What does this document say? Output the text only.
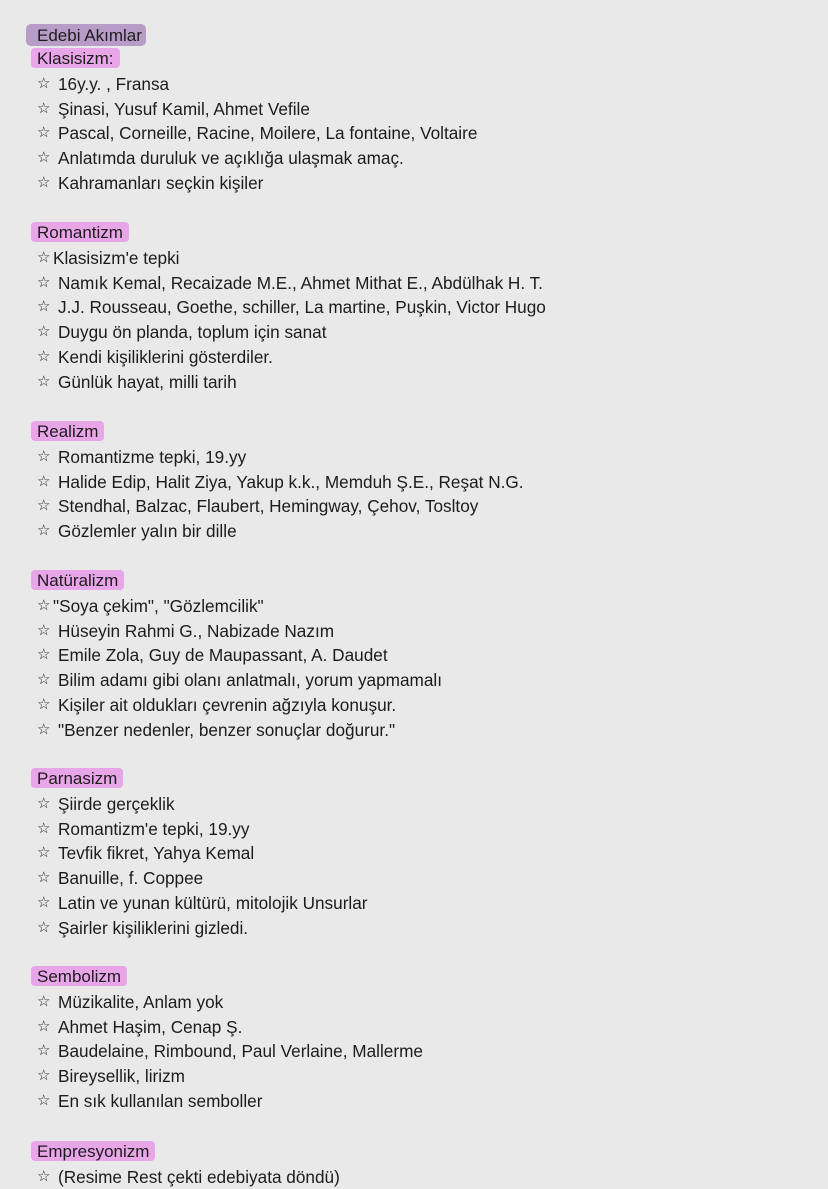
Edebi Akımlar
Klasisizm:
☆ 16y.y. , Fransa
☆ Şinasi, Yusuf Kamil, Ahmet Vefile
☆ Pascal, Corneille, Racine, Moilere, La fontaine, Voltaire
☆ Anlatımda duruluk ve açıklığa ulaşmak amaç.
☆ Kahramanları seçkin kişiler
Romantizm
☆ Klasisizm'e tepki
☆ Namık Kemal, Recaizade M.E., Ahmet Mithat E., Abdülhak H. T.
☆ J.J. Rousseau, Goethe, schiller, La martine, Puşkin, Victor Hugo
☆ Duygu ön planda, toplum için sanat
☆ Kendi kişiliklerini gösterdiler.
☆ Günlük hayat, milli tarih
Realizm
☆ Romantizme tepki, 19.yy
☆ Halide Edip, Halit Ziya, Yakup k.k., Memduh Ş.E., Reşat N.G.
☆ Stendhal, Balzac, Flaubert, Hemingway, Çehov, Tosltoy
☆ Gözlemler yalın bir dille
Natüralizm
☆ "Soya çekim", "Gözlemcilik"
☆ Hüseyin Rahmi G., Nabizade Nazım
☆ Emile Zola, Guy de Maupassant, A. Daudet
☆ Bilim adamı gibi olanı anlatmalı, yorum yapmamalı
☆ Kişiler ait oldukları çevrenin ağzıyla konuşur.
☆ "Benzer nedenler, benzer sonuçlar doğurur."
Parnasizm
☆ Şiirde gerçeklik
☆ Romantizm'e tepki, 19.yy
☆ Tevfik fikret, Yahya Kemal
☆ Banuille, f. Coppee
☆ Latin ve yunan kültürü, mitolojik Unsurlar
☆ Şairler kişiliklerini gizledi.
Sembolizm
☆ Müzikalite, Anlam yok
☆ Ahmet Haşim, Cenap Ş.
☆ Baudelaine, Rimbound, Paul Verlaine, Mallerme
☆ Bireysellik, lirizm
☆ En sık kullanılan semboller
Empresyonizm
☆ (Resime Rest çekti edebiyata döndü)
